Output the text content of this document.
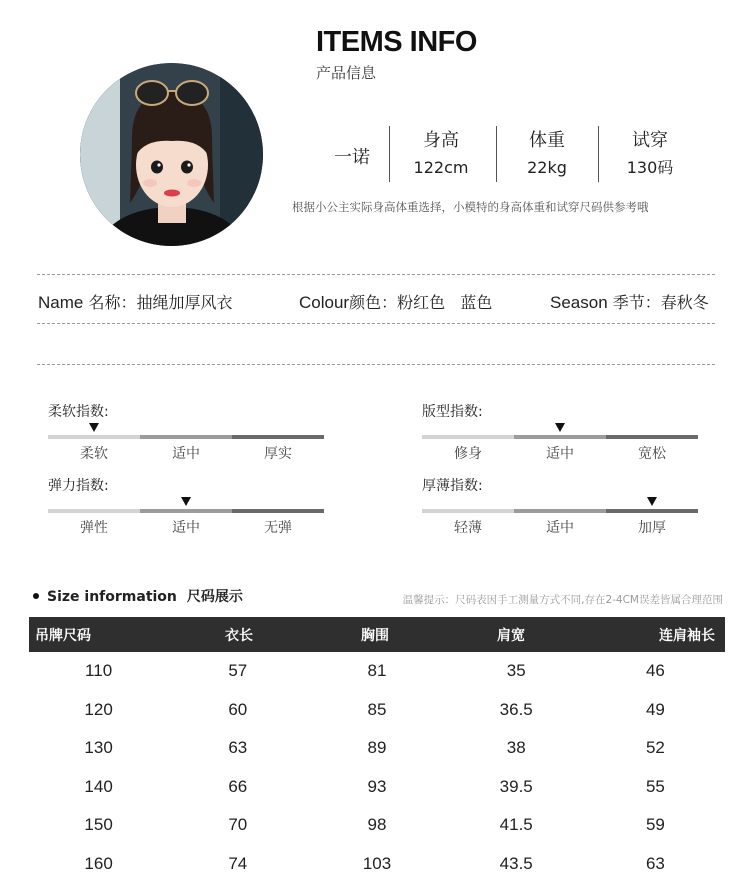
ITEMS INFO
产品信息
一诺
身高
122cm
体重
22kg
试穿
130码
根据小公主实际身高体重选择，小模特的身高体重和试穿尺码供参考哦
Name 名称：抽绳加厚风衣	Colour颜色：粉红色   蓝色	Season 季节：春秋冬
柔软指数:
柔软	适中	厚实
版型指数:
修身	适中	宽松
弹力指数:
弹性	适中	无弹
厚薄指数:
轻薄	适中	加厚
Size information 尺码展示	温馨提示：尺码表因手工测量方式不同,存在2-4CM误差皆属合理范围
吊牌尺码	衣长	胸围	肩宽	连肩袖长
110	57	81	35	46
120	60	85	36.5	49
130	63	89	38	52
140	66	93	39.5	55
150	70	98	41.5	59
160	74	103	43.5	63
